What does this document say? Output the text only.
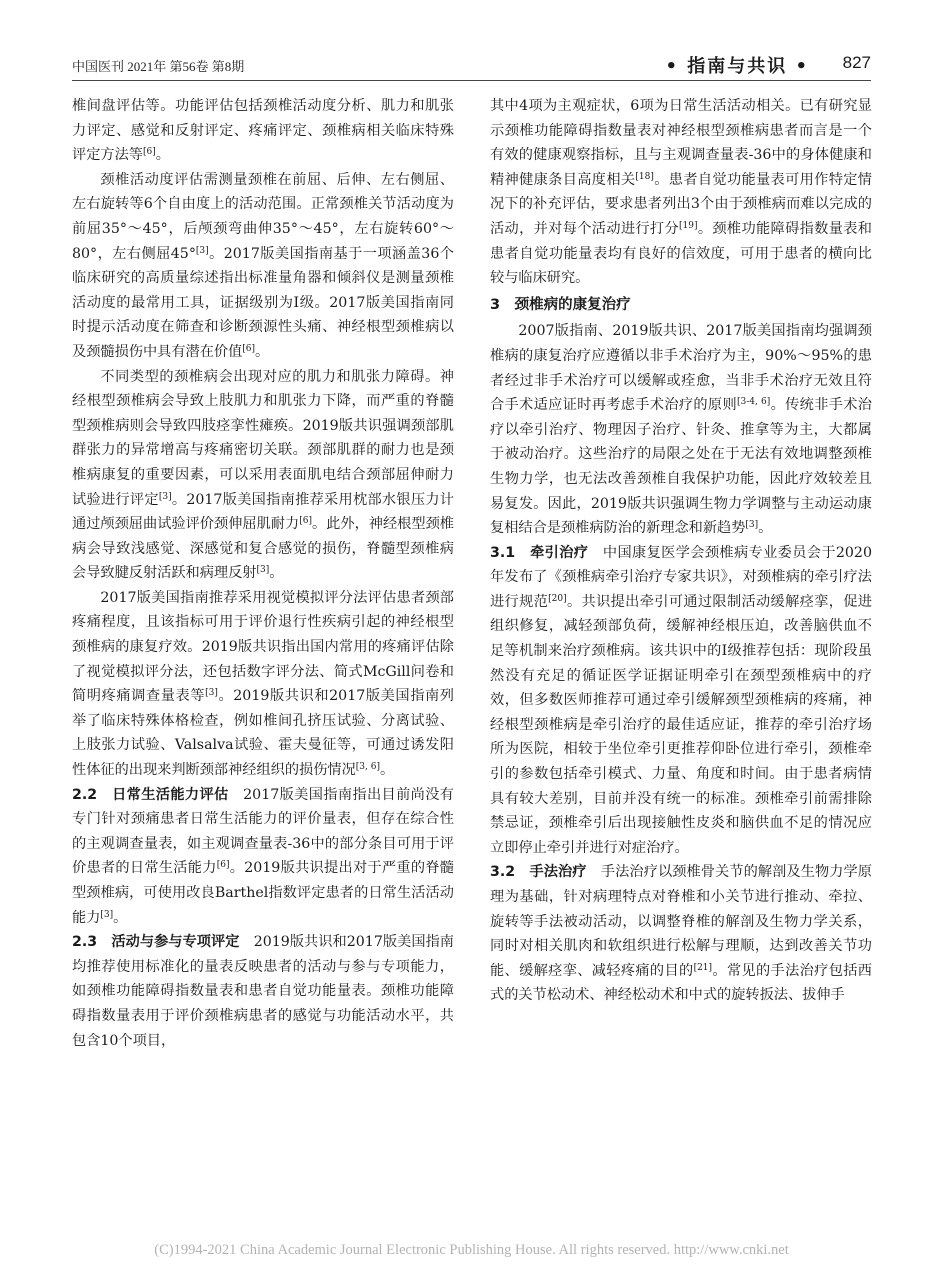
中国医刊 2021年 第56卷 第8期	• 指南与共识 • 827

椎间盘评估等。功能评估包括颈椎活动度分析、肌力和肌张力评定、感觉和反射评定、疼痛评定、颈椎病相关临床特殊评定方法等[6]。

颈椎活动度评估需测量颈椎在前屈、后伸、左右侧屈、左右旋转等6个自由度上的活动范围。正常颈椎关节活动度为前屈35°～45°，后颅颈弯曲伸35°～45°，左右旋转60°～80°，左右侧屈45°[3]。2017版美国指南基于一项涵盖36个临床研究的高质量综述指出标准量角器和倾斜仪是测量颈椎活动度的最常用工具，证据级别为Ⅰ级。2017版美国指南同时提示活动度在筛查和诊断颈源性头痛、神经根型颈椎病以及颈髓损伤中具有潜在价值[6]。

不同类型的颈椎病会出现对应的肌力和肌张力障碍。神经根型颈椎病会导致上肢肌力和肌张力下降，而严重的脊髓型颈椎病则会导致四肢痉挛性瘫痪。2019版共识强调颈部肌群张力的异常增高与疼痛密切关联。颈部肌群的耐力也是颈椎病康复的重要因素，可以采用表面肌电结合颈部屈伸耐力试验进行评定[3]。2017版美国指南推荐采用枕部水银压力计通过颅颈屈曲试验评价颈伸屈肌耐力[6]。此外，神经根型颈椎病会导致浅感觉、深感觉和复合感觉的损伤，脊髓型颈椎病会导致腱反射活跃和病理反射[3]。

2017版美国指南推荐采用视觉模拟评分法评估患者颈部疼痛程度，且该指标可用于评价退行性疾病引起的神经根型颈椎病的康复疗效。2019版共识指出国内常用的疼痛评估除了视觉模拟评分法，还包括数字评分法、简式McGill问卷和简明疼痛调查量表等[3]。2019版共识和2017版美国指南列举了临床特殊体格检查，例如椎间孔挤压试验、分离试验、上肢张力试验、Valsalva试验、霍夫曼征等，可通过诱发阳性体征的出现来判断颈部神经组织的损伤情况[3, 6]。

2.2　日常生活能力评估　 2017版美国指南指出目前尚没有专门针对颈痛患者日常生活能力的评价量表，但存在综合性的主观调查量表，如主观调查量表-36中的部分条目可用于评价患者的日常生活能力[6]。2019版共识提出对于严重的脊髓型颈椎病，可使用改良Barthel指数评定患者的日常生活活动能力[3]。

2.3　活动与参与专项评定　 2019版共识和2017版美国指南均推荐使用标准化的量表反映患者的活动与参与专项能力，如颈椎功能障碍指数量表和患者自觉功能量表。颈椎功能障碍指数量表用于评价颈椎病患者的感觉与功能活动水平，共包含10个项目，

其中4项为主观症状，6项为日常生活活动相关。已有研究显示颈椎功能障碍指数量表对神经根型颈椎病患者而言是一个有效的健康观察指标，且与主观调查量表-36中的身体健康和精神健康条目高度相关[18]。患者自觉功能量表可用作特定情况下的补充评估，要求患者列出3个由于颈椎病而难以完成的活动，并对每个活动进行打分[19]。颈椎功能障碍指数量表和患者自觉功能量表均有良好的信效度，可用于患者的横向比较与临床研究。

3　颈椎病的康复治疗

2007版指南、2019版共识、2017版美国指南均强调颈椎病的康复治疗应遵循以非手术治疗为主，90%～95%的患者经过非手术治疗可以缓解或痊愈，当非手术治疗无效且符合手术适应证时再考虑手术治疗的原则[3-4, 6]。传统非手术治疗以牵引治疗、物理因子治疗、针灸、推拿等为主，大都属于被动治疗。这些治疗的局限之处在于无法有效地调整颈椎生物力学，也无法改善颈椎自我保护功能，因此疗效较差且易复发。因此，2019版共识强调生物力学调整与主动运动康复相结合是颈椎病防治的新理念和新趋势[3]。

3.1　牵引治疗　 中国康复医学会颈椎病专业委员会于2020年发布了《颈椎病牵引治疗专家共识》，对颈椎病的牵引疗法进行规范[20]。共识提出牵引可通过限制活动缓解痉挛，促进组织修复，减轻颈部负荷，缓解神经根压迫，改善脑供血不足等机制来治疗颈椎病。该共识中的Ⅰ级推荐包括：现阶段虽然没有充足的循证医学证据证明牵引在颈型颈椎病中的疗效，但多数医师推荐可通过牵引缓解颈型颈椎病的疼痛，神经根型颈椎病是牵引治疗的最佳适应证，推荐的牵引治疗场所为医院，相较于坐位牵引更推荐仰卧位进行牵引，颈椎牵引的参数包括牵引模式、力量、角度和时间。由于患者病情具有较大差别，目前并没有统一的标准。颈椎牵引前需排除禁忌证，颈椎牵引后出现接触性皮炎和脑供血不足的情况应立即停止牵引并进行对症治疗。

3.2　手法治疗　 手法治疗以颈椎骨关节的解剖及生物力学原理为基础，针对病理特点对脊椎和小关节进行推动、牵拉、旋转等手法被动活动，以调整脊椎的解剖及生物力学关系，同时对相关肌肉和软组织进行松解与理顺，达到改善关节功能、缓解痉挛、减轻疼痛的目的[21]。常见的手法治疗包括西式的关节松动术、神经松动术和中式的旋转扳法、拔伸手

(C)1994-2021 China Academic Journal Electronic Publishing House. All rights reserved. http://www.cnki.net
